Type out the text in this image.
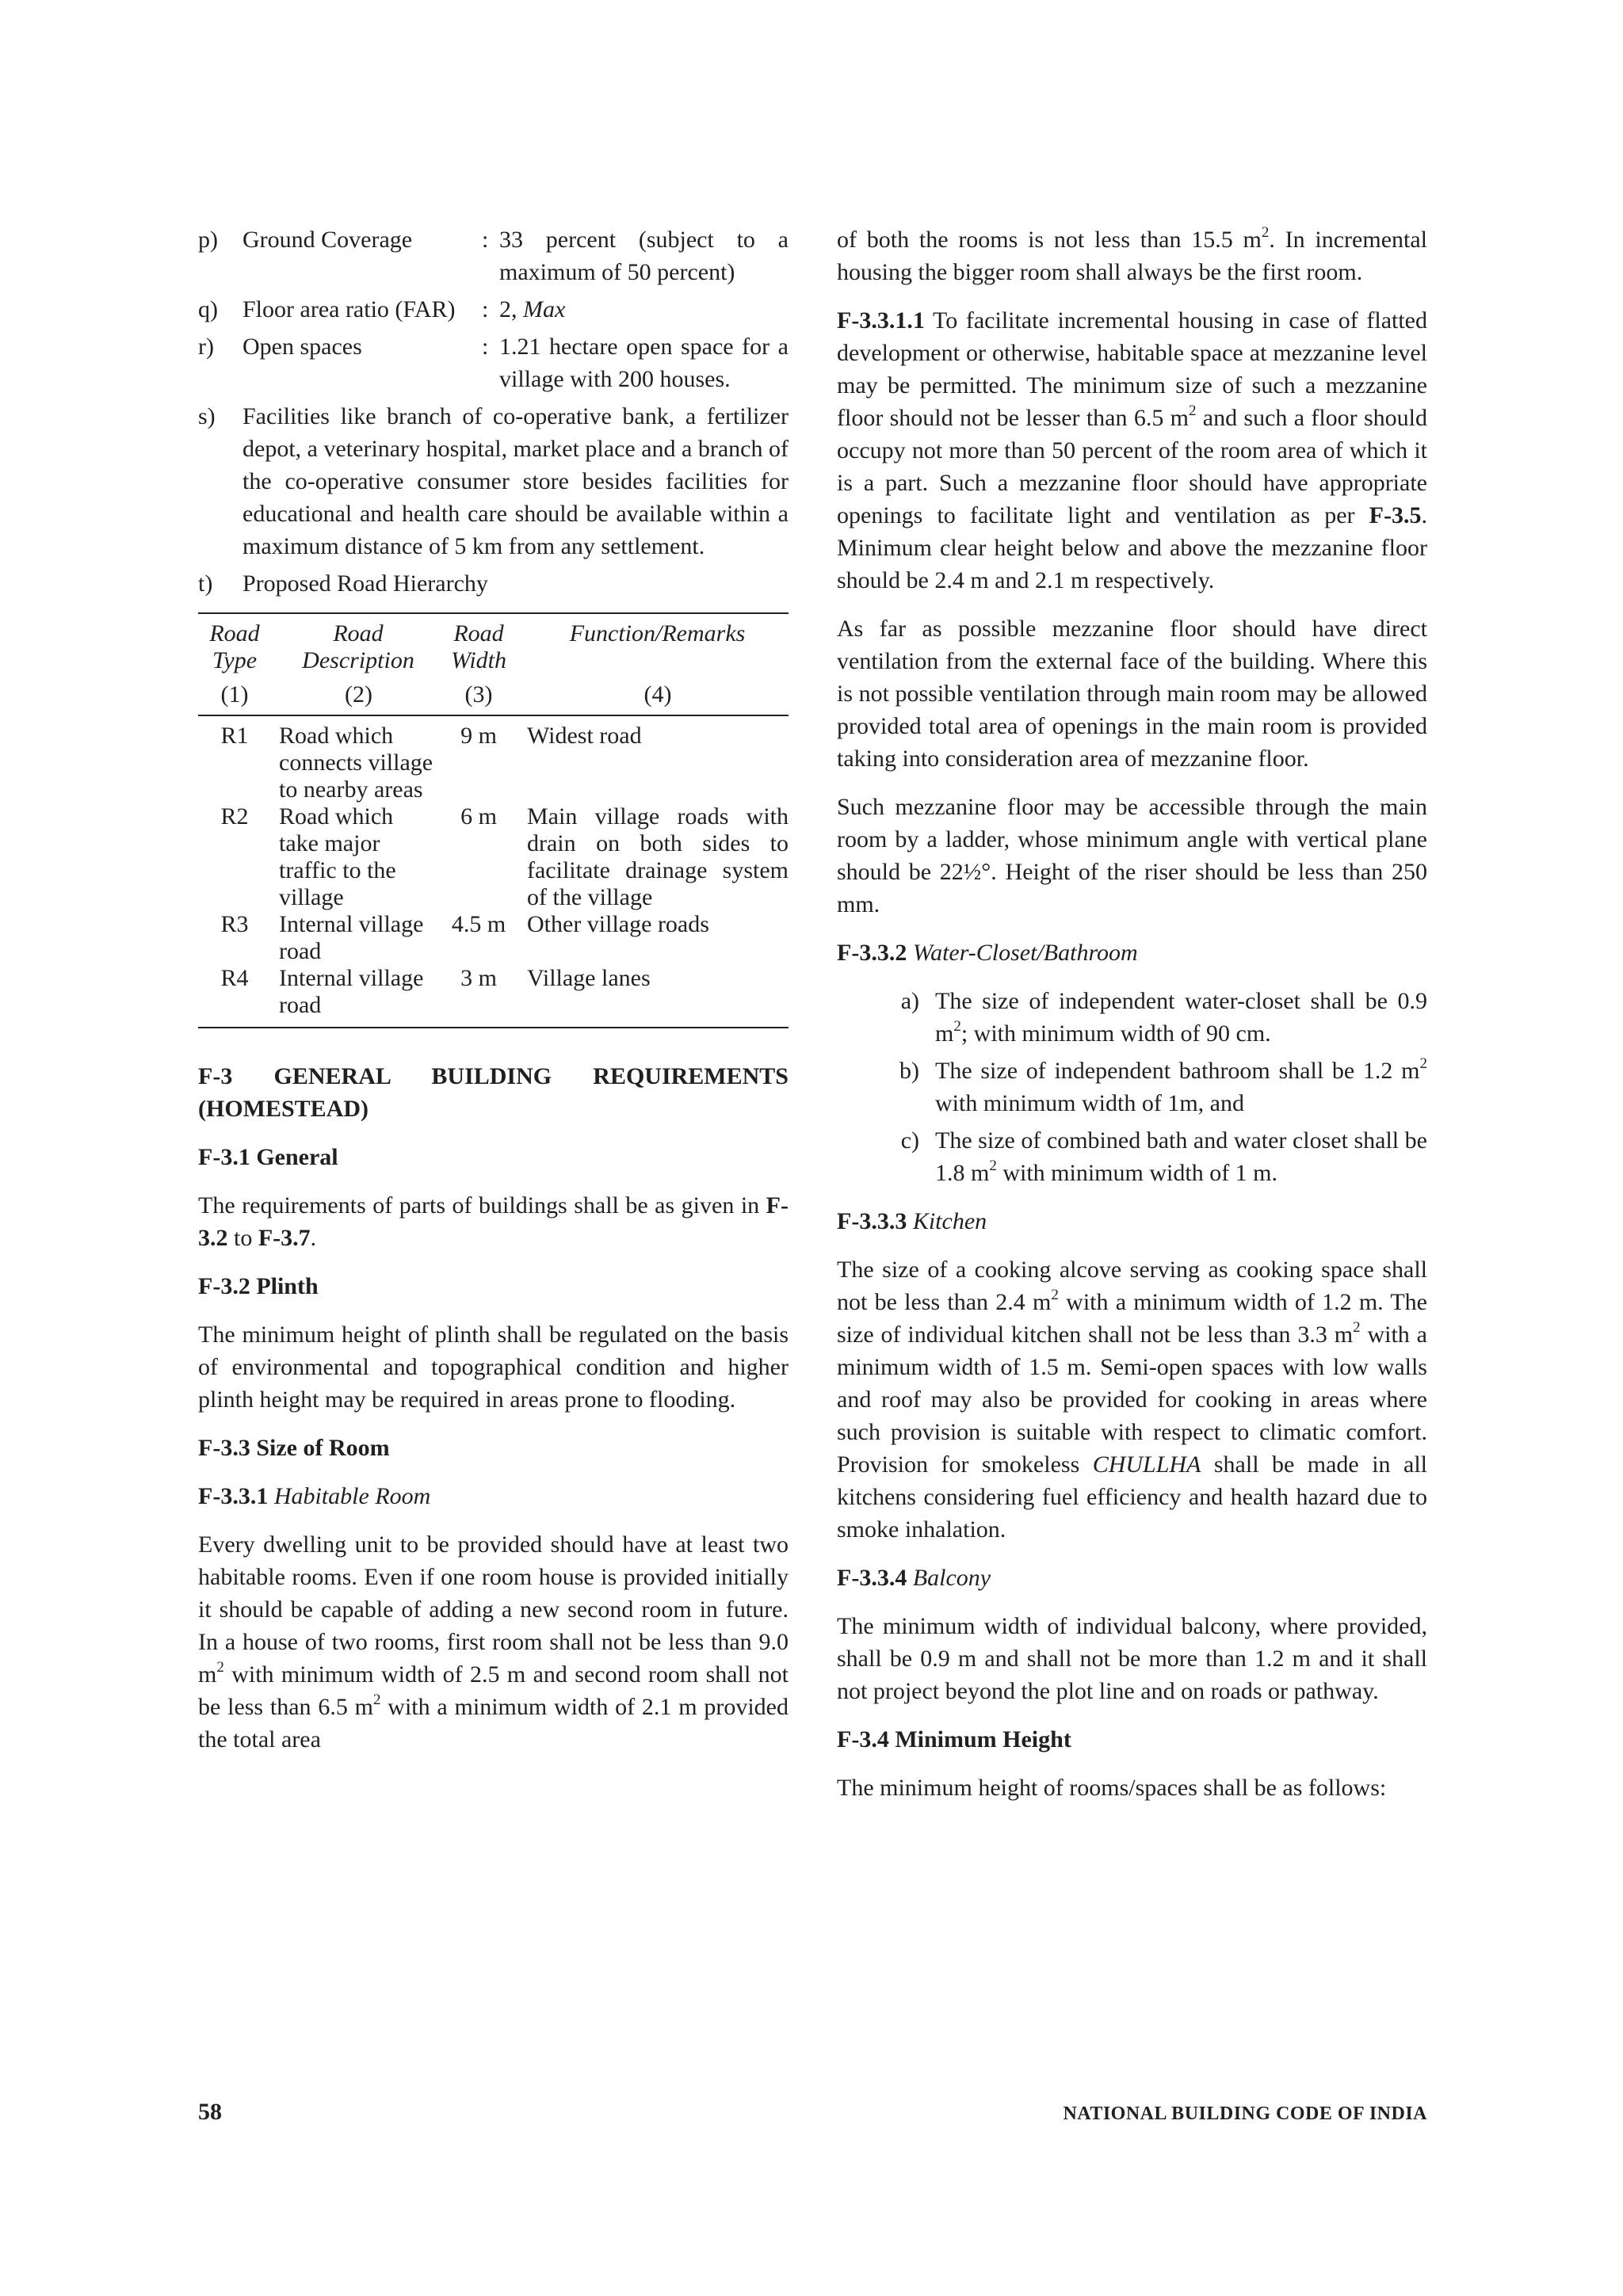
p)	Ground Coverage	: 33 percent (subject to a maximum of 50 percent)
q)	Floor area ratio (FAR)	: 2, Max
r)	Open spaces	: 1.21 hectare open space for a village with 200 houses.
s)	Facilities like branch of co-operative bank, a fertilizer depot, a veterinary hospital, market place and a branch of the co-operative consumer store besides facilities for educational and health care should be available within a maximum distance of 5 km from any settlement.
t)	Proposed Road Hierarchy
Road Type	Road Description	Road Width	Function/Remarks
(1)	(2)	(3)	(4)
R1	Road which connects village to nearby areas	9 m	Widest road
R2	Road which take major traffic to the village	6 m	Main village roads with drain on both sides to facilitate drainage system of the village
R3	Internal village road	4.5 m	Other village roads
R4	Internal village road	3 m	Village lanes

F-3 GENERAL BUILDING REQUIREMENTS (HOMESTEAD)

F-3.1 General

The requirements of parts of buildings shall be as given in F-3.2 to F-3.7.

F-3.2 Plinth

The minimum height of plinth shall be regulated on the basis of environmental and topographical condition and higher plinth height may be required in areas prone to flooding.

F-3.3 Size of Room

F-3.3.1 Habitable Room

Every dwelling unit to be provided should have at least two habitable rooms. Even if one room house is provided initially it should be capable of adding a new second room in future. In a house of two rooms, first room shall not be less than 9.0 $m^2$ with minimum width of 2.5 m and second room shall not be less than 6.5 $m^2$ with a minimum width of 2.1 m provided the total area

of both the rooms is not less than 15.5 $m^2$. In incremental housing the bigger room shall always be the first room.

F-3.3.1.1 To facilitate incremental housing in case of flatted development or otherwise, habitable space at mezzanine level may be permitted. The minimum size of such a mezzanine floor should not be lesser than 6.5 $m^2$ and such a floor should occupy not more than 50 percent of the room area of which it is a part. Such a mezzanine floor should have appropriate openings to facilitate light and ventilation as per F-3.5. Minimum clear height below and above the mezzanine floor should be 2.4 m and 2.1 m respectively.

As far as possible mezzanine floor should have direct ventilation from the external face of the building. Where this is not possible ventilation through main room may be allowed provided total area of openings in the main room is provided taking into consideration area of mezzanine floor.

Such mezzanine floor may be accessible through the main room by a ladder, whose minimum angle with vertical plane should be 22½°. Height of the riser should be less than 250 mm.

F-3.3.2 Water-Closet/Bathroom

a) The size of independent water-closet shall be 0.9 $m^2$; with minimum width of 90 cm.
b) The size of independent bathroom shall be 1.2 $m^2$ with minimum width of 1m, and
c) The size of combined bath and water closet shall be 1.8 $m^2$ with minimum width of 1 m.

F-3.3.3 Kitchen

The size of a cooking alcove serving as cooking space shall not be less than 2.4 $m^2$ with a minimum width of 1.2 m. The size of individual kitchen shall not be less than 3.3 $m^2$ with a minimum width of 1.5 m. Semi-open spaces with low walls and roof may also be provided for cooking in areas where such provision is suitable with respect to climatic comfort. Provision for smokeless CHULLHA shall be made in all kitchens considering fuel efficiency and health hazard due to smoke inhalation.

F-3.3.4 Balcony

The minimum width of individual balcony, where provided, shall be 0.9 m and shall not be more than 1.2 m and it shall not project beyond the plot line and on roads or pathway.

F-3.4 Minimum Height

The minimum height of rooms/spaces shall be as follows:

58	NATIONAL BUILDING CODE OF INDIA
